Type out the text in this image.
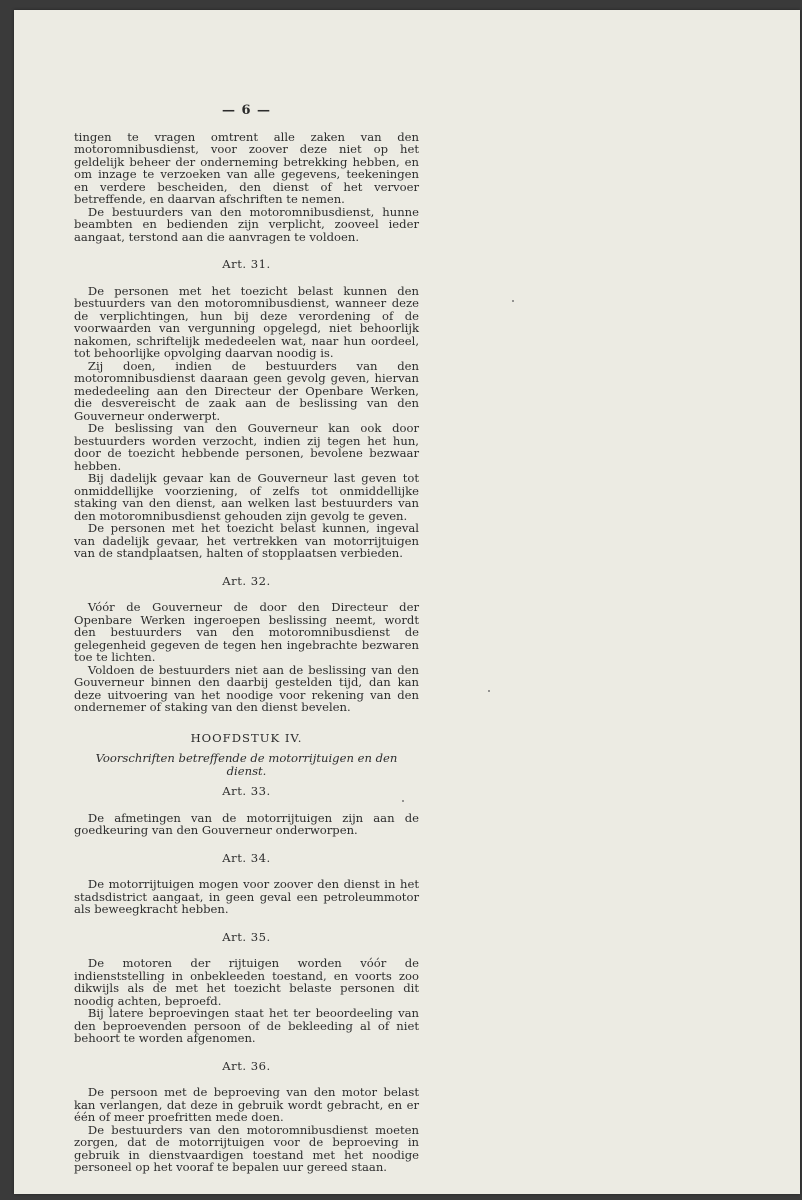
— 6 —

tingen te vragen omtrent alle zaken van den motoromnibusdienst, voor zoover deze niet op het geldelijk beheer der onderneming betrekking hebben, en om inzage te verzoeken van alle gegevens, teekeningen en verdere bescheiden, den dienst of het vervoer betreffende, en daarvan afschriften te nemen.

De bestuurders van den motoromnibusdienst, hunne beambten en bedienden zijn verplicht, zooveel ieder aangaat, terstond aan die aanvragen te voldoen.

Art. 31.

De personen met het toezicht belast kunnen den bestuurders van den motoromnibusdienst, wanneer deze de verplichtingen, hun bij deze verordening of de voorwaarden van vergunning opgelegd, niet behoorlijk nakomen, schriftelijk mededeelen wat, naar hun oordeel, tot behoorlijke opvolging daarvan noodig is.

Zij doen, indien de bestuurders van den motoromnibusdienst daaraan geen gevolg geven, hiervan mededeeling aan den Directeur der Openbare Werken, die desvereischt de zaak aan de beslissing van den Gouverneur onderwerpt.

De beslissing van den Gouverneur kan ook door bestuurders worden verzocht, indien zij tegen het hun, door de toezicht hebbende personen, bevolene bezwaar hebben.

Bij dadelijk gevaar kan de Gouverneur last geven tot onmiddellijke voorziening, of zelfs tot onmiddellijke staking van den dienst, aan welken last bestuurders van den motoromnibusdienst gehouden zijn gevolg te geven.

De personen met het toezicht belast kunnen, ingeval van dadelijk gevaar, het vertrekken van motorrijtuigen van de standplaatsen, halten of stopplaatsen verbieden.

Art. 32.

Vóór de Gouverneur de door den Directeur der Openbare Werken ingeroepen beslissing neemt, wordt den bestuurders van den motoromnibusdienst de gelegenheid gegeven de tegen hen ingebrachte bezwaren toe te lichten.

Voldoen de bestuurders niet aan de beslissing van den Gouverneur binnen den daarbij gestelden tijd, dan kan deze uitvoering van het noodige voor rekening van den ondernemer of staking van den dienst bevelen.

HOOFDSTUK IV.
Voorschriften betreffende de motorrijtuigen en den dienst.
Art. 33.

De afmetingen van de motorrijtuigen zijn aan de goedkeuring van den Gouverneur onderworpen.

Art. 34.

De motorrijtuigen mogen voor zoover den dienst in het stadsdistrict aangaat, in geen geval een petroleummotor als beweegkracht hebben.

Art. 35.

De motoren der rijtuigen worden vóór de indienststelling in onbekleeden toestand, en voorts zoo dikwijls als de met het toezicht belaste personen dit noodig achten, beproefd.

Bij latere beproevingen staat het ter beoordeeling van den beproevenden persoon of de bekleeding al of niet behoort te worden afgenomen.

Art. 36.

De persoon met de beproeving van den motor belast kan verlangen, dat deze in gebruik wordt gebracht, en er één of meer proefritten mede doen.

De bestuurders van den motoromnibusdienst moeten zorgen, dat de motorrijtuigen voor de beproeving in gebruik in dienstvaardigen toestand met het noodige personeel op het vooraf te bepalen uur gereed staan.
